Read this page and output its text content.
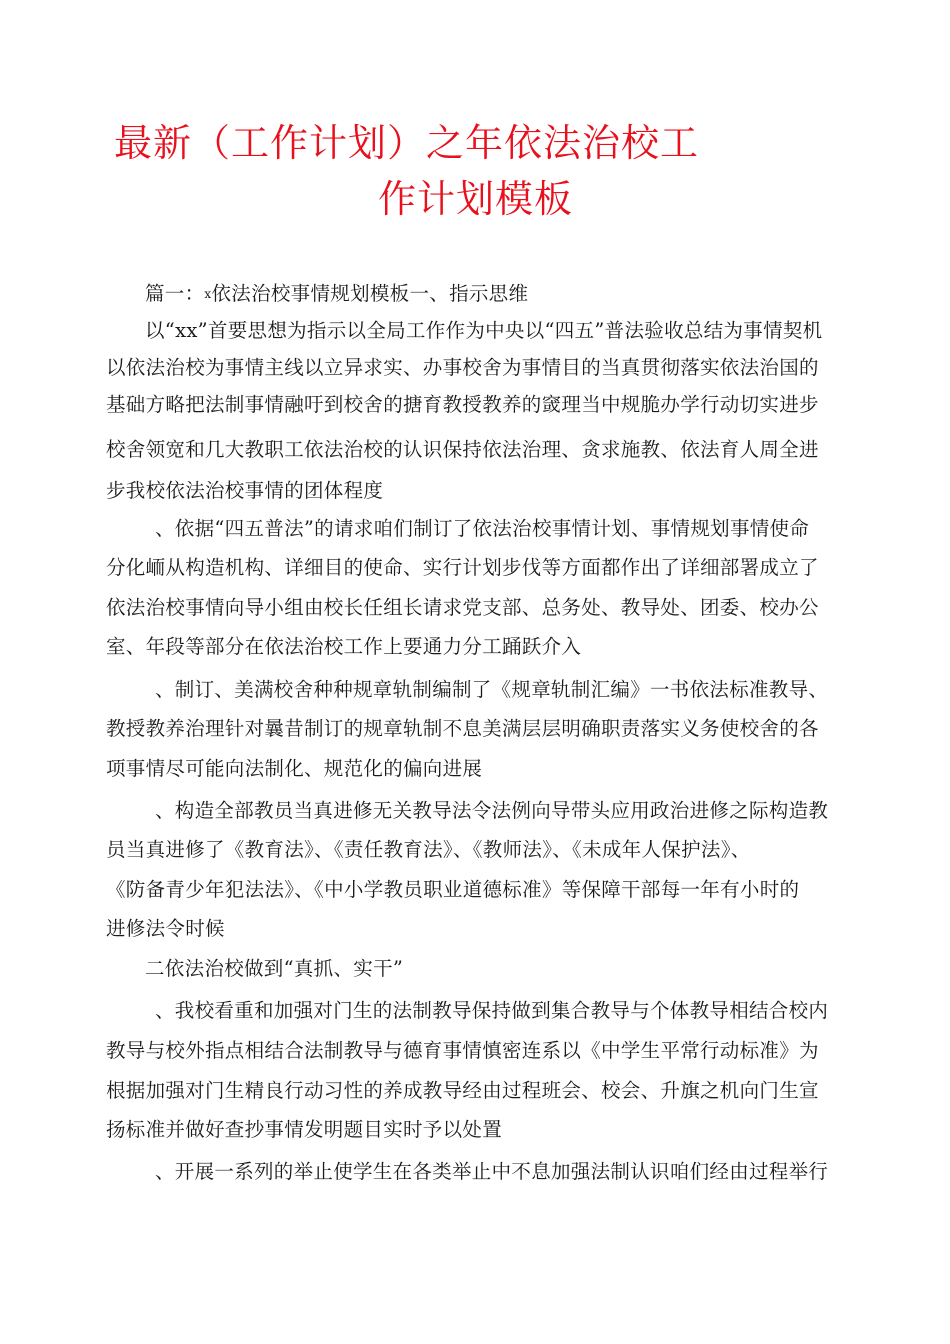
最新（工作计划）之年依法治校工
作计划模板
篇一：x依法治校事情规划模板一、指示思维
以“xx”首要思想为指示以全局工作作为中央以“四五”普法验收总结为事情契机
以依法治校为事情主线以立异求实、办事校舍为事情目的当真贯彻落实依法治国的
基础方略把法制事情融吁到校舍的搪育教授教养的窢理当中规脆办学行动切实进步
校舍领宽和几大教职工依法治校的认识保持依法治理、贪求施教、依法育人周全进
步我校依法治校事情的团体程度
、依据“四五普法”的请求咱们制订了依法治校事情计划、事情规划事情使命
分化峏从构造机构、详细目的使命、实行计划步伐等方面都作出了详细部署成立了
依法治校事情向导小组由校长任组长请求党支部、总务处、教导处、团委、校办公
室、年段等部分在依法治校工作上要通力分工踊跃介入
、制订、美满校舍种种规章轨制编制了《规章轨制汇编》一书依法标准教导、
教授教养治理针对曩昔制订的规章轨制不息美满层层明确职责落实义务使校舍的各
项事情尽可能向法制化、规范化的偏向进展
、构造全部教员当真进修无关教导法令法例向导带头应用政治进修之际构造教
员当真进修了《教育法》、《责任教育法》、《教师法》、《未成年人保护法》、
《防备青少年犯法法》、《中小学教员职业道德标准》等保障干部每一年有小时的
进修法令时候
二依法治校做到“真抓、实干”
、我校看重和加强对门生的法制教导保持做到集合教导与个体教导相结合校内
教导与校外指点相结合法制教导与德育事情慎密连系以《中学生平常行动标准》为
根据加强对门生精良行动习性的养成教导经由过程班会、校会、升旗之机向门生宣
扬标准并做好查抄事情发明题目实时予以处置
、开展一系列的举止使学生在各类举止中不息加强法制认识咱们经由过程举行
